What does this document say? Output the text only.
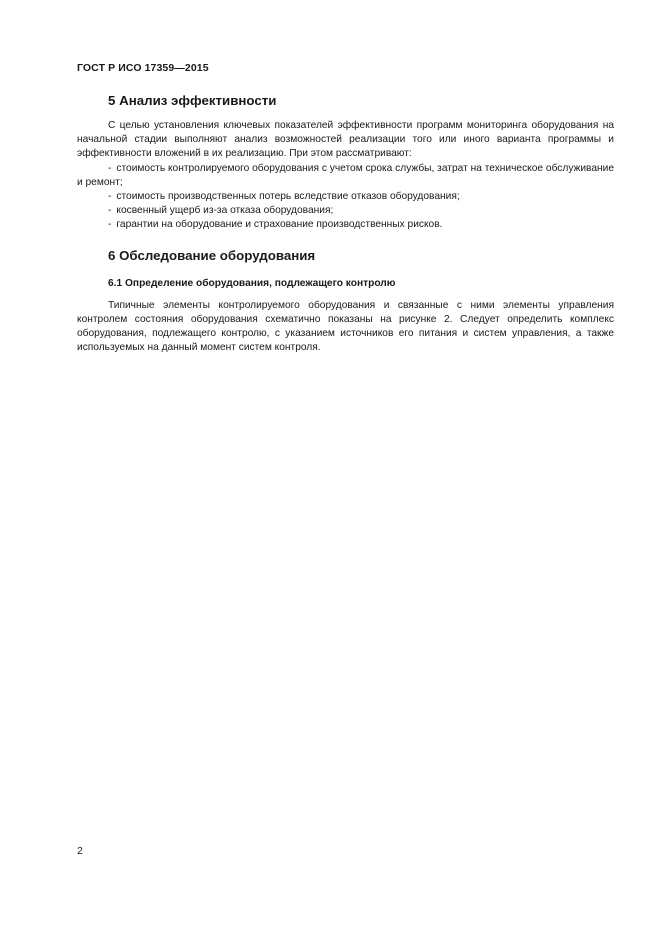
ГОСТ Р ИСО 17359—2015
5 Анализ эффективности

С целью установления ключевых показателей эффективности программ мониторинга оборудования на начальной стадии выполняют анализ возможностей реализации того или иного варианта программы и эффективности вложений в их реализацию. При этом рассматривают:

- стоимость контролируемого оборудования с учетом срока службы, затрат на техническое обслуживание и ремонт;
- стоимость производственных потерь вследствие отказов оборудования;
- косвенный ущерб из-за отказа оборудования;
- гарантии на оборудование и страхование производственных рисков.
6 Обследование оборудования
6.1 Определение оборудования, подлежащего контролю

Типичные элементы контролируемого оборудования и связанные с ними элементы управления контролем состояния оборудования схематично показаны на рисунке 2. Следует определить комплекс оборудования, подлежащего контролю, с указанием источников его питания и систем управления, а также используемых на данный момент систем контроля.

2
